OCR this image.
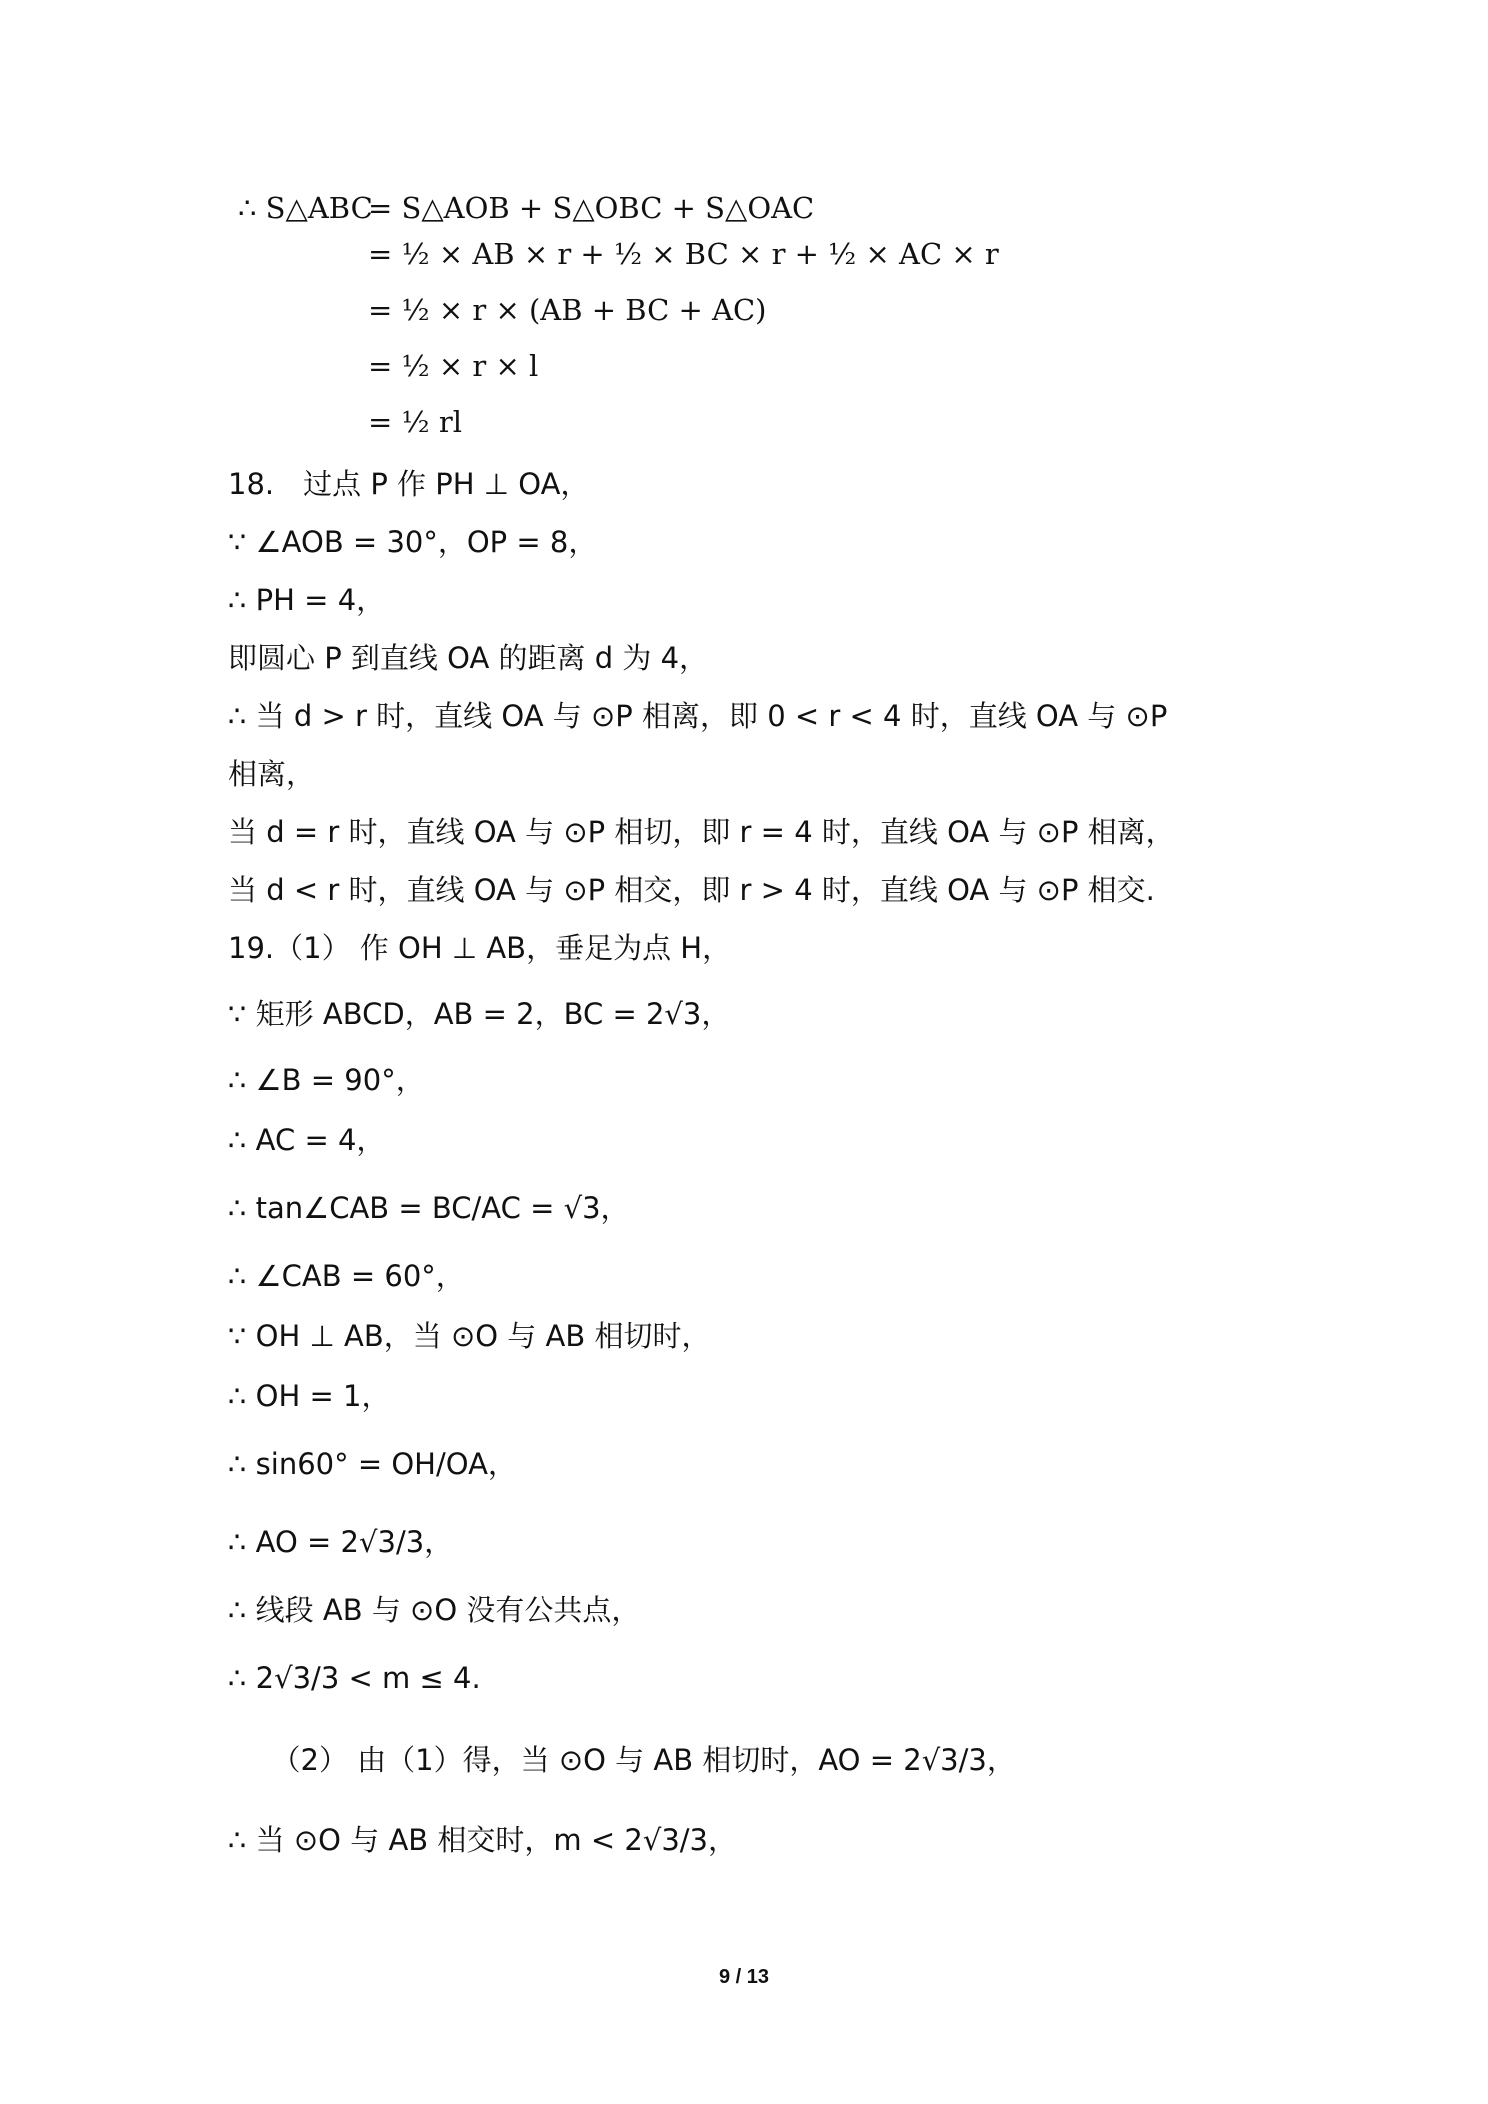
∴ S△ABC
= S△AOB + S△OBC + S△OAC
= ½ × AB × r + ½ × BC × r + ½ × AC × r
= ½ × r × (AB + BC + AC)
= ½ × r × l
= ½ rl
18.　过点 P 作 PH ⊥ OA，
∵ ∠AOB = 30°，OP = 8，
∴ PH = 4，
即圆心 P 到直线 OA 的距离 d 为 4，
∴ 当 d > r 时，直线 OA 与 ⊙P 相离，即 0 < r < 4 时，直线 OA 与 ⊙P
相离，
当 d = r 时，直线 OA 与 ⊙P 相切，即 r = 4 时，直线 OA 与 ⊙P 相离，
当 d < r 时，直线 OA 与 ⊙P 相交，即 r > 4 时，直线 OA 与 ⊙P 相交.
19.（1） 作 OH ⊥ AB，垂足为点 H，
∵ 矩形 ABCD，AB = 2，BC = 2√3，
∴ ∠B = 90°，
∴ AC = 4，
∴ tan∠CAB = BC/AC = √3，
∴ ∠CAB = 60°，
∵ OH ⊥ AB，当 ⊙O 与 AB 相切时，
∴ OH = 1，
∴ sin60° = OH/OA，
∴ AO = 2√3/3，
∴ 线段 AB 与 ⊙O 没有公共点，
∴ 2√3/3 < m ≤ 4.
　　（2） 由（1）得，当 ⊙O 与 AB 相切时，AO = 2√3/3，
∴ 当 ⊙O 与 AB 相交时，m < 2√3/3，
9 / 13
